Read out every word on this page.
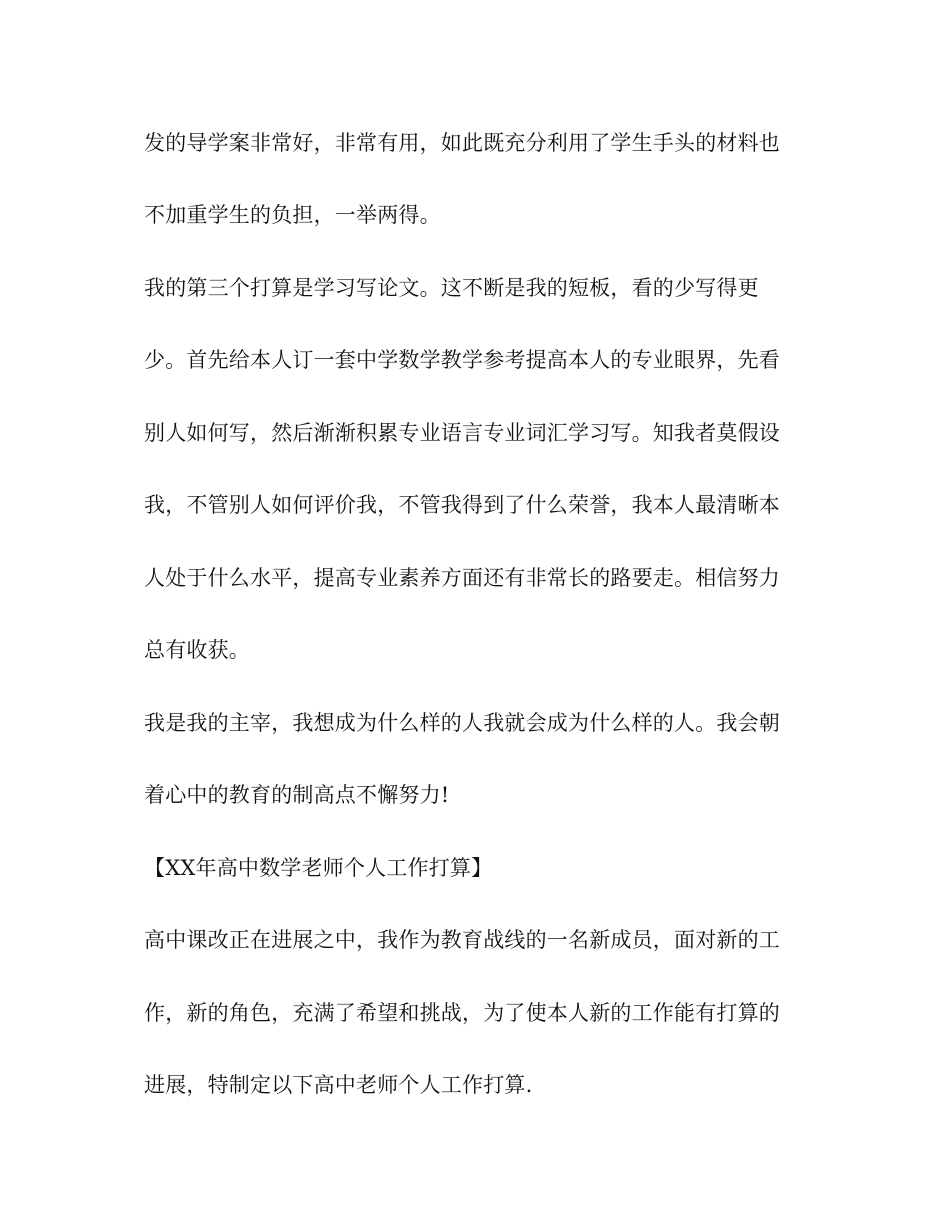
发的导学案非常好，非常有用，如此既充分利用了学生手头的材料也
不加重学生的负担，一举两得。
我的第三个打算是学习写论文。这不断是我的短板，看的少写得更
少。首先给本人订一套中学数学教学参考提高本人的专业眼界，先看
别人如何写，然后渐渐积累专业语言专业词汇学习写。知我者莫假设
我，不管别人如何评价我，不管我得到了什么荣誉，我本人最清晰本
人处于什么水平，提高专业素养方面还有非常长的路要走。相信努力
总有收获。
我是我的主宰，我想成为什么样的人我就会成为什么样的人。我会朝
着心中的教育的制高点不懈努力!
【XX年高中数学老师个人工作打算】
高中课改正在进展之中，我作为教育战线的一名新成员，面对新的工
作，新的角色，充满了希望和挑战，为了使本人新的工作能有打算的
进展，特制定以下高中老师个人工作打算.
